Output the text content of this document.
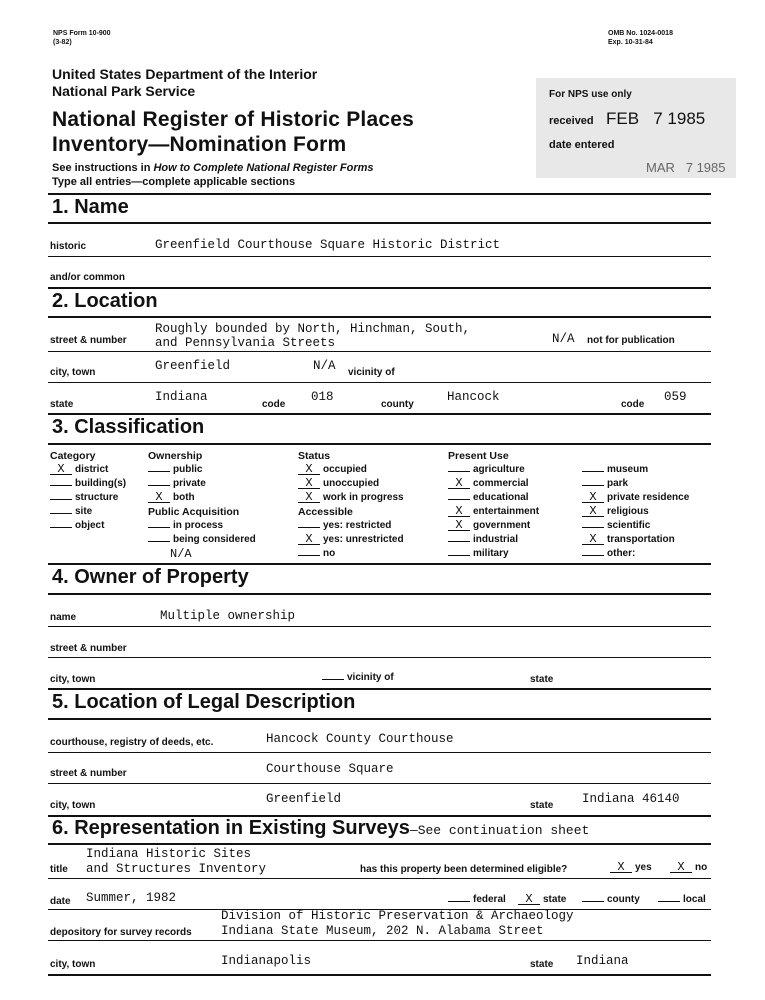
NPS Form 10-900
(3-82)
OMB No. 1024-0018
Exp. 10-31-84
United States Department of the Interior
National Park Service
National Register of Historic Places
Inventory—Nomination Form
See instructions in How to Complete National Register Forms
Type all entries—complete applicable sections
For NPS use only
received FEB   7 1985
date entered
MAR   7 1985
1. Name
historic	Greenfield Courthouse Square Historic District
and/or common
2. Location
street & number
Roughly bounded by North, Hinchman, South,
and Pennsylvania Streets	N/A not for publication
city, town	Greenfield	N/A vicinity of
state
Indiana
code
018
county
Hancock
code
059
3. Classification
Category
X district
building(s)
structure
site
object
Ownership
public
private
X both
Public Acquisition
in process
being considered
N/A
Status
X occupied
X unoccupied
X work in progress
Accessible
yes: restricted
X yes: unrestricted
no
Present Use
agriculture
X commercial
educational
X entertainment
X government
industrial
military
museum
park
X private residence
X religious
scientific
X transportation
other:
4. Owner of Property
name	Multiple ownership
street & number
city, town	vicinity of	state
5. Location of Legal Description
courthouse, registry of deeds, etc.	Hancock County Courthouse
street & number	Courthouse Square
city, town	Greenfield	state Indiana 46140
6. Representation in Existing Surveys—See continuation sheet
title
Indiana Historic Sites
and Structures Inventory	has this property been determined eligible?	X yes	X no
date Summer, 1982	federal	X state	county	local
depository for survey records
Division of Historic Preservation & Archaeology
Indiana State Museum, 202 N. Alabama Street
city, town	Indianapolis	state Indiana
